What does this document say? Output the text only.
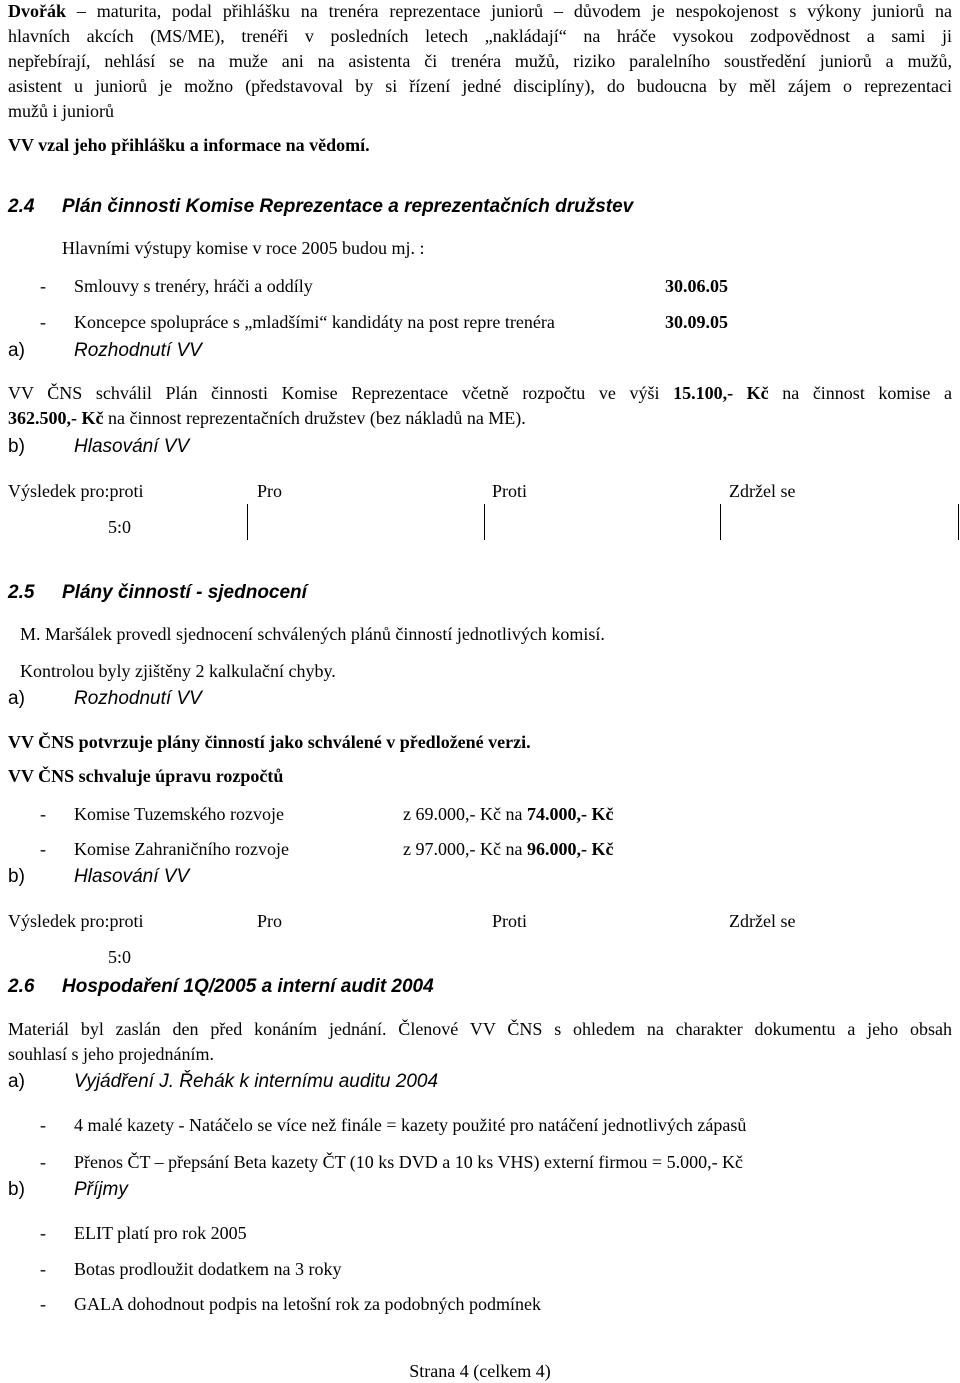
Dvořák – maturita, podal přihlášku na trenéra reprezentace juniorů – důvodem je nespokojenost s výkony juniorů na
hlavních akcích (MS/ME), trenéři v posledních letech „nakládají“ na hráče vysokou zodpovědnost a sami ji
nepřebírají, nehlásí se na muže ani na asistenta či trenéra mužů, riziko paralelního soustředění juniorů a mužů,
asistent u juniorů je možno (představoval by si řízení jedné disciplíny), do budoucna by měl zájem o reprezentaci
mužů i juniorů
VV vzal jeho přihlášku a informace na vědomí.
2.4 Plán činnosti Komise Reprezentace a reprezentačních družstev
Hlavními výstupy komise v roce 2005 budou mj. :
- Smlouvy s trenéry, hráči a oddíly	30.06.05
- Koncepce spolupráce s „mladšími“ kandidáty na post repre trenéra	30.09.05
a)	Rozhodnutí VV
VV ČNS schválil Plán činnosti Komise Reprezentace včetně rozpočtu ve výši 15.100,- Kč na činnost komise a
362.500,- Kč na činnost reprezentačních družstev (bez nákladů na ME).
b)	Hlasování VV
Výsledek pro:proti	Pro	Proti	Zdržel se
5:0
2.5 Plány činností - sjednocení
M. Maršálek provedl sjednocení schválených plánů činností jednotlivých komisí.
Kontrolou byly zjištěny 2 kalkulační chyby.
a)	Rozhodnutí VV
VV ČNS potvrzuje plány činností jako schválené v předložené verzi.
VV ČNS schvaluje úpravu rozpočtů
- Komise Tuzemského rozvoje	z 69.000,- Kč na 74.000,- Kč
- Komise Zahraničního rozvoje	z 97.000,- Kč na 96.000,- Kč
b)	Hlasování VV
Výsledek pro:proti	Pro	Proti	Zdržel se
5:0
2.6 Hospodaření 1Q/2005 a interní audit 2004
Materiál byl zaslán den před konáním jednání. Členové VV ČNS s ohledem na charakter dokumentu a jeho obsah
souhlasí s jeho projednáním.
a)	Vyjádření J. Řehák k internímu auditu 2004
- 4 malé kazety - Natáčelo se více než finále = kazety použité pro natáčení jednotlivých zápasů
- Přenos ČT – přepsání Beta kazety ČT (10 ks DVD a 10 ks VHS) externí firmou = 5.000,- Kč
b)	Příjmy
- ELIT platí pro rok 2005
- Botas prodloužit dodatkem na 3 roky
- GALA dohodnout podpis na letošní rok za podobných podmínek
Strana 4 (celkem 4)
